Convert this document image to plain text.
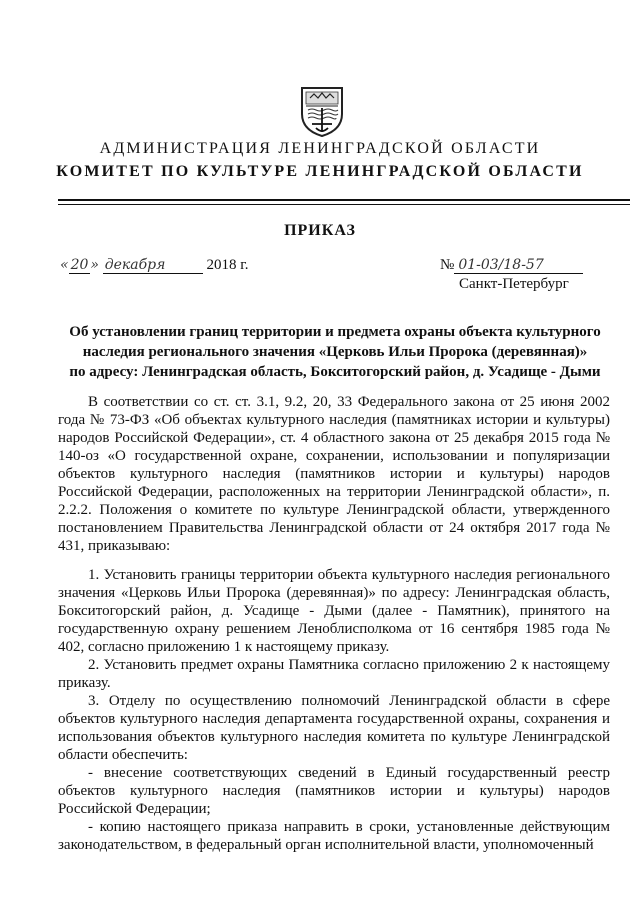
АДМИНИСТРАЦИЯ ЛЕНИНГРАДСКОЙ ОБЛАСТИ
КОМИТЕТ ПО КУЛЬТУРЕ ЛЕНИНГРАДСКОЙ ОБЛАСТИ
ПРИКАЗ
« 20 » декабря	2018 г.	№ 01-03/18-57
Санкт-Петербург
Об установлении границ территории и предмета охраны объекта культурного
наследия регионального значения «Церковь Ильи Пророка (деревянная)»
по адресу: Ленинградская область, Бокситогорский район, д. Усадище - Дыми

В соответствии со ст. ст. 3.1, 9.2, 20, 33 Федерального закона от 25 июня 2002 года № 73-ФЗ «Об объектах культурного наследия (памятниках истории и культуры) народов Российской Федерации», ст. 4 областного закона от 25 декабря 2015 года № 140-оз «О государственной охране, сохранении, использовании и популяризации объектов культурного наследия (памятников истории и культуры) народов Российской Федерации, расположенных на территории Ленинградской области», п. 2.2.2. Положения о комитете по культуре Ленинградской области, утвержденного постановлением Правительства Ленинградской области от 24 октября 2017 года № 431, приказываю:

1. Установить границы территории объекта культурного наследия регионального значения «Церковь Ильи Пророка (деревянная)» по адресу: Ленинградская область, Бокситогорский район, д. Усадище - Дыми (далее - Памятник), принятого на государственную охрану решением Леноблисполкома от 16 сентября 1985 года № 402, согласно приложению 1 к настоящему приказу.

2. Установить предмет охраны Памятника согласно приложению 2 к настоящему приказу.

3. Отделу по осуществлению полномочий Ленинградской области в сфере объектов культурного наследия департамента государственной охраны, сохранения и использования объектов культурного наследия комитета по культуре Ленинградской области обеспечить:

- внесение соответствующих сведений в Единый государственный реестр объектов культурного наследия (памятников истории и культуры) народов Российской Федерации;

- копию настоящего приказа направить в сроки, установленные действующим законодательством, в федеральный орган исполнительной власти, уполномоченный
